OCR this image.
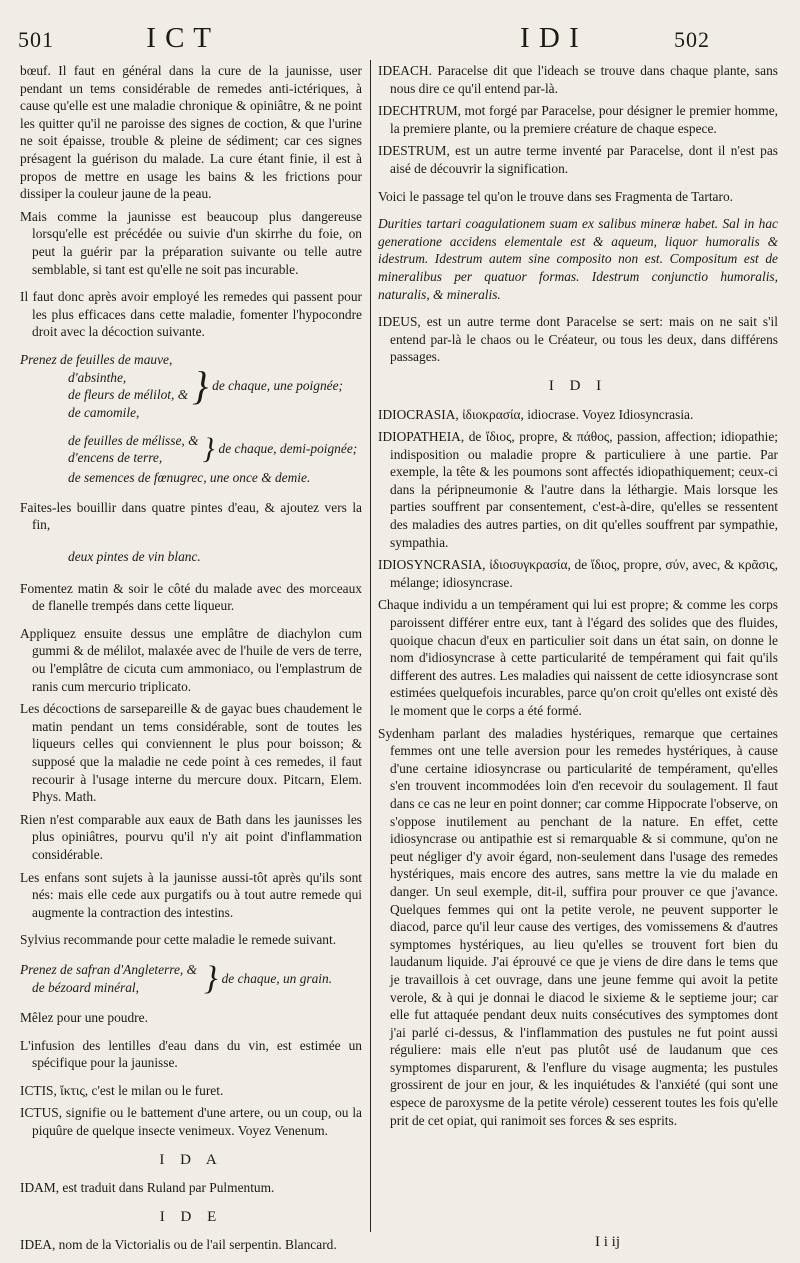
501	I C T	I D I	502

bœuf. Il faut en général dans la cure de la jaunisse, user pendant un tems considérable de remedes anti-ictériques, à cause qu'elle est une maladie chronique & opiniâtre, & ne point les quitter qu'il ne paroisse des signes de coction, & que l'urine ne soit épaisse, trouble & pleine de sédiment; car ces signes présagent la guérison du malade. La cure étant finie, il est à propos de mettre en usage les bains & les frictions pour dissiper la couleur jaune de la peau.

Mais comme la jaunisse est beaucoup plus dangereuse lorsqu'elle est précédée ou suivie d'un skirrhe du foie, on peut la guérir par la préparation suivante ou telle autre semblable, si tant est qu'elle ne soit pas incurable.

Il faut donc après avoir employé les remedes qui passent pour les plus efficaces dans cette maladie, fomenter l'hypocondre droit avec la décoction suivante.

Prenez de feuilles de mauve,
d'absinthe,
de fleurs de mélilot, &
de camomile,
} de chaque, une poignée;
de feuilles de mélisse, &
d'encens de terre,	} de chaque, demi-poignée;

de semences de fœnugrec, une once & demie.

Faites-les bouillir dans quatre pintes d'eau, & ajoutez vers la fin,

deux pintes de vin blanc.

Fomentez matin & soir le côté du malade avec des morceaux de flanelle trempés dans cette liqueur.

Appliquez ensuite dessus une emplâtre de diachylon cum gummi & de mélilot, malaxée avec de l'huile de vers de terre, ou l'emplâtre de cicuta cum ammoniaco, ou l'emplastrum de ranis cum mercurio triplicato.

Les décoctions de sarsepareille & de gayac bues chaudement le matin pendant un tems considérable, sont de toutes les liqueurs celles qui conviennent le plus pour boisson; & supposé que la maladie ne cede point à ces remedes, il faut recourir à l'usage interne du mercure doux. Pitcarn, Elem. Phys. Math.

Rien n'est comparable aux eaux de Bath dans les jaunisses les plus opiniâtres, pourvu qu'il n'y ait point d'inflammation considérable.

Les enfans sont sujets à la jaunisse aussi-tôt après qu'ils sont nés: mais elle cede aux purgatifs ou à tout autre remede qui augmente la contraction des intestins.

Sylvius recommande pour cette maladie le remede suivant.

Prenez de safran d'Angleterre, &
de bézoard minéral,	} de chaque, un grain.

Mêlez pour une poudre.

L'infusion des lentilles d'eau dans du vin, est estimée un spécifique pour la jaunisse.

ICTIS, ἴκτις, c'est le milan ou le furet.

ICTUS, signifie ou le battement d'une artere, ou un coup, ou la piquûre de quelque insecte venimeux. Voyez Venenum.

I D A

IDAM, est traduit dans Ruland par Pulmentum.

I D E

IDEA, nom de la Victorialis ou de l'ail serpentin. Blancard.

IDEACH. Paracelse dit que l'ideach se trouve dans chaque plante, sans nous dire ce qu'il entend par-là.

IDECHTRUM, mot forgé par Paracelse, pour désigner le premier homme, la premiere plante, ou la premiere créature de chaque espece.

IDESTRUM, est un autre terme inventé par Paracelse, dont il n'est pas aisé de découvrir la signification.

Voici le passage tel qu'on le trouve dans ses Fragmenta de Tartaro.

Durities tartari coagulationem suam ex salibus mineræ habet. Sal in hac generatione accidens elementale est & aqueum, liquor humoralis & idestrum. Idestrum autem sine composito non est. Compositum est de mineralibus per quatuor formas. Idestrum conjunctio humoralis, naturalis, & mineralis.

IDEUS, est un autre terme dont Paracelse se sert: mais on ne sait s'il entend par-là le chaos ou le Créateur, ou tous les deux, dans différens passages.

I D I

IDIOCRASIA, ἰδιοκρασία, idiocrase. Voyez Idiosyncrasia.

IDIOPATHEIA, de ἴδιος, propre, & πάθος, passion, affection; idiopathie; indisposition ou maladie propre & particuliere à une partie. Par exemple, la tête & les poumons sont affectés idiopathiquement; ceux-ci dans la péripneumonie & l'autre dans la léthargie. Mais lorsque les parties souffrent par consentement, c'est-à-dire, qu'elles se ressentent des maladies des autres parties, on dit qu'elles souffrent par sympathie, sympathia.

IDIOSYNCRASIA, ἰδιοσυγκρασία, de ἴδιος, propre, σύν, avec, & κρᾶσις, mélange; idiosyncrase.

Chaque individu a un tempérament qui lui est propre; & comme les corps paroissent différer entre eux, tant à l'égard des solides que des fluides, quoique chacun d'eux en particulier soit dans un état sain, on donne le nom d'idiosyncrase à cette particularité de tempérament qui fait qu'ils different des autres. Les maladies qui naissent de cette idiosyncrase sont estimées quelquefois incurables, parce qu'on croit qu'elles ont existé dès le moment que le corps a été formé.

Sydenham parlant des maladies hystériques, remarque que certaines femmes ont une telle aversion pour les remedes hystériques, à cause d'une certaine idiosyncrase ou particularité de tempérament, qu'elles s'en trouvent incommodées loin d'en recevoir du soulagement. Il faut dans ce cas ne leur en point donner; car comme Hippocrate l'observe, on s'oppose inutilement au penchant de la nature. En effet, cette idiosyncrase ou antipathie est si remarquable & si commune, qu'on ne peut négliger d'y avoir égard, non-seulement dans l'usage des remedes hystériques, mais encore des autres, sans mettre la vie du malade en danger. Un seul exemple, dit-il, suffira pour prouver ce que j'avance. Quelques femmes qui ont la petite verole, ne peuvent supporter le diacod, parce qu'il leur cause des vertiges, des vomissemens & d'autres symptomes hystériques, au lieu qu'elles se trouvent fort bien du laudanum liquide. J'ai éprouvé ce que je viens de dire dans le tems que je travaillois à cet ouvrage, dans une jeune femme qui avoit la petite verole, & à qui je donnai le diacod le sixieme & le septieme jour; car elle fut attaquée pendant deux nuits consécutives des symptomes dont j'ai parlé ci-dessus, & l'inflammation des pustules ne fut point aussi réguliere: mais elle n'eut pas plutôt usé de laudanum que ces symptomes disparurent, & l'enflure du visage augmenta; les pustules grossirent de jour en jour, & les inquiétudes & l'anxiété (qui sont une espece de paroxysme de la petite vérole) cesserent toutes les fois qu'elle prit de cet opiat, qui ranimoit ses forces & ses esprits.

I i ij
